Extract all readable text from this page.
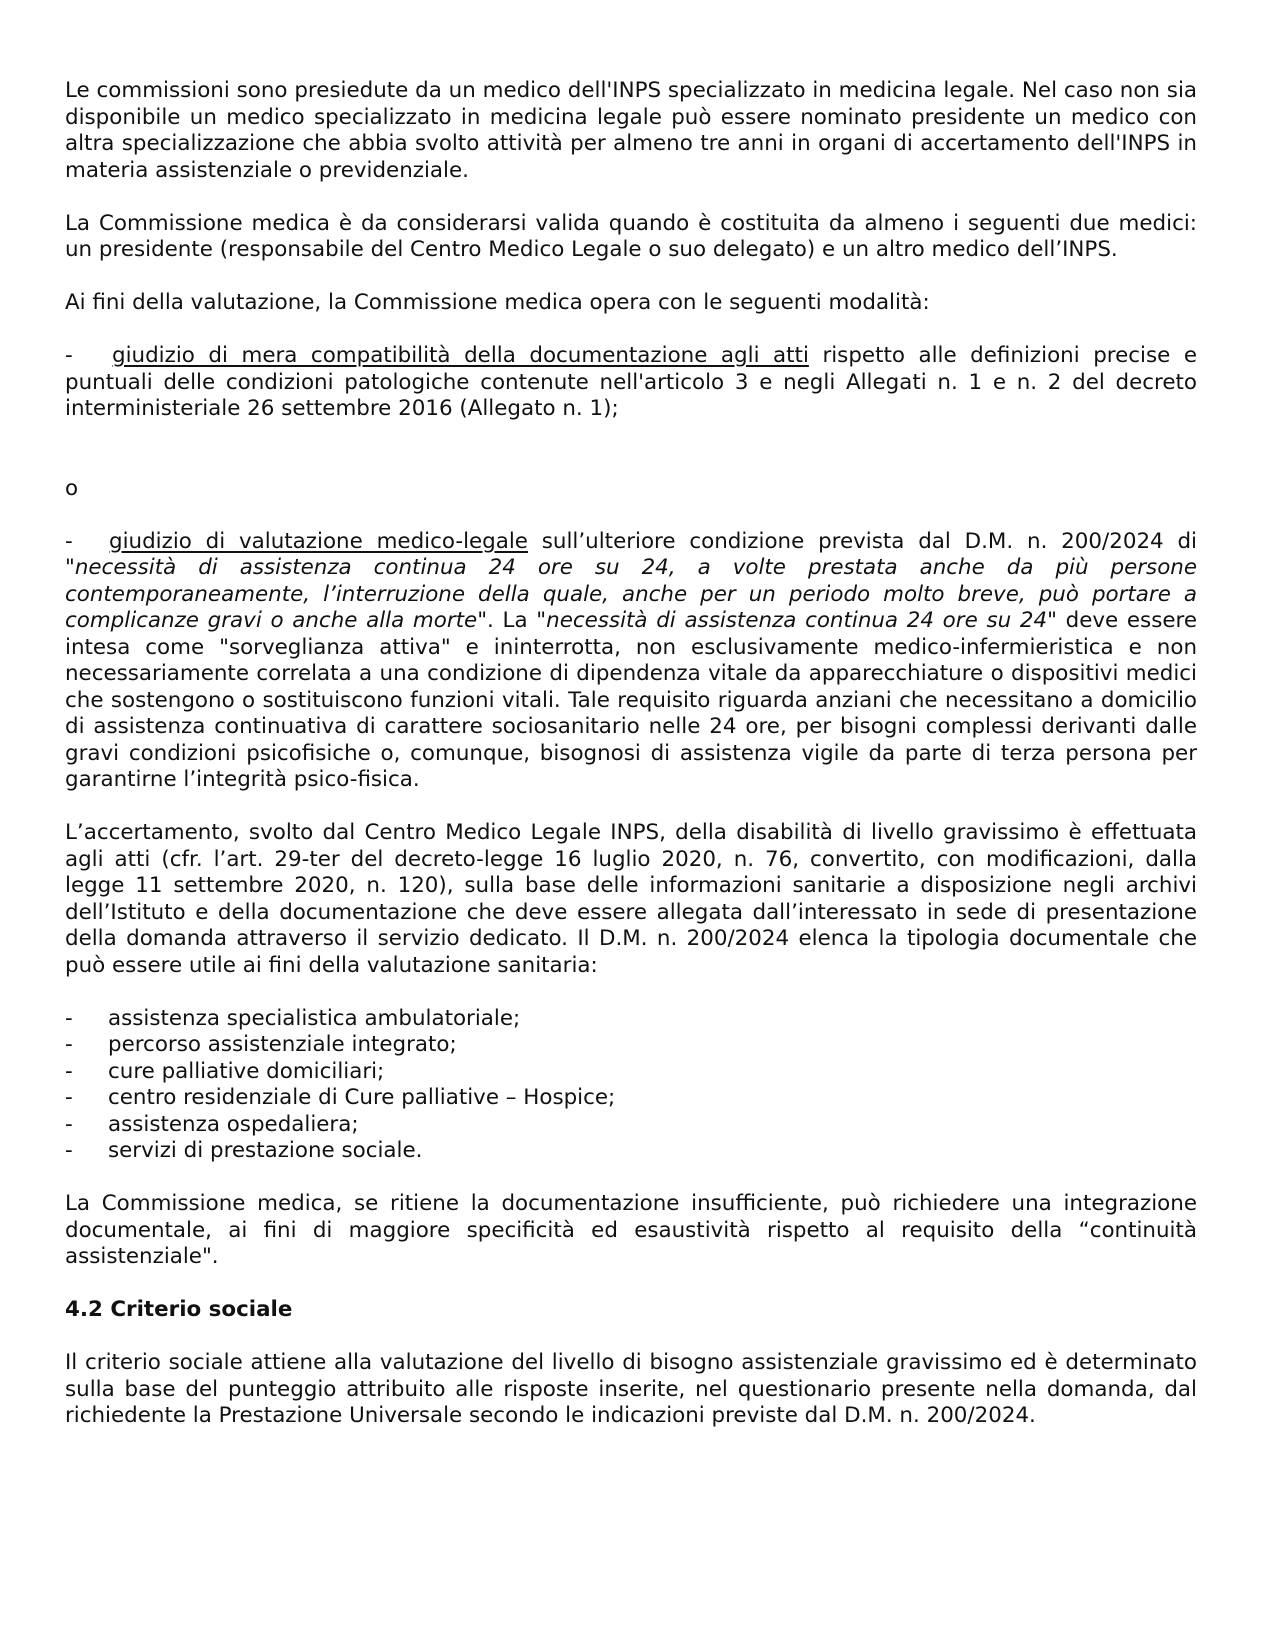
Le commissioni sono presiedute da un medico dell'INPS specializzato in medicina legale. Nel caso non sia disponibile un medico specializzato in medicina legale può essere nominato presidente un medico con altra specializzazione che abbia svolto attività per almeno tre anni in organi di accertamento dell'INPS in materia assistenziale o previdenziale.

La Commissione medica è da considerarsi valida quando è costituita da almeno i seguenti due medici: un presidente (responsabile del Centro Medico Legale o suo delegato) e un altro medico dell’INPS.

Ai fini della valutazione, la Commissione medica opera con le seguenti modalità:

- giudizio di mera compatibilità della documentazione agli atti rispetto alle definizioni precise e puntuali delle condizioni patologiche contenute nell'articolo 3 e negli Allegati n. 1 e n. 2 del decreto interministeriale 26 settembre 2016 (Allegato n. 1);

o

- giudizio di valutazione medico-legale sull’ulteriore condizione prevista dal D.M. n. 200/2024 di "necessità di assistenza continua 24 ore su 24, a volte prestata anche da più persone contemporaneamente, l’interruzione della quale, anche per un periodo molto breve, può portare a complicanze gravi o anche alla morte". La "necessità di assistenza continua 24 ore su 24" deve essere intesa come "sorveglianza attiva" e ininterrotta, non esclusivamente medico-infermieristica e non necessariamente correlata a una condizione di dipendenza vitale da apparecchiature o dispositivi medici che sostengono o sostituiscono funzioni vitali. Tale requisito riguarda anziani che necessitano a domicilio di assistenza continuativa di carattere sociosanitario nelle 24 ore, per bisogni complessi derivanti dalle gravi condizioni psicofisiche o, comunque, bisognosi di assistenza vigile da parte di terza persona per garantirne l’integrità psico-fisica.

L’accertamento, svolto dal Centro Medico Legale INPS, della disabilità di livello gravissimo è effettuata agli atti (cfr. l’art. 29-ter del decreto-legge 16 luglio 2020, n. 76, convertito, con modificazioni, dalla legge 11 settembre 2020, n. 120), sulla base delle informazioni sanitarie a disposizione negli archivi dell’Istituto e della documentazione che deve essere allegata dall’interessato in sede di presentazione della domanda attraverso il servizio dedicato. Il D.M. n. 200/2024 elenca la tipologia documentale che può essere utile ai fini della valutazione sanitaria:

-	assistenza specialistica ambulatoriale;
-	percorso assistenziale integrato;
-	cure palliative domiciliari;
-	centro residenziale di Cure palliative – Hospice;
-	assistenza ospedaliera;
-	servizi di prestazione sociale.

La Commissione medica, se ritiene la documentazione insufficiente, può richiedere una integrazione documentale, ai fini di maggiore specificità ed esaustività rispetto al requisito della “continuità assistenziale".

4.2 Criterio sociale

Il criterio sociale attiene alla valutazione del livello di bisogno assistenziale gravissimo ed è determinato sulla base del punteggio attribuito alle risposte inserite, nel questionario presente nella domanda, dal richiedente la Prestazione Universale secondo le indicazioni previste dal D.M. n. 200/2024.
